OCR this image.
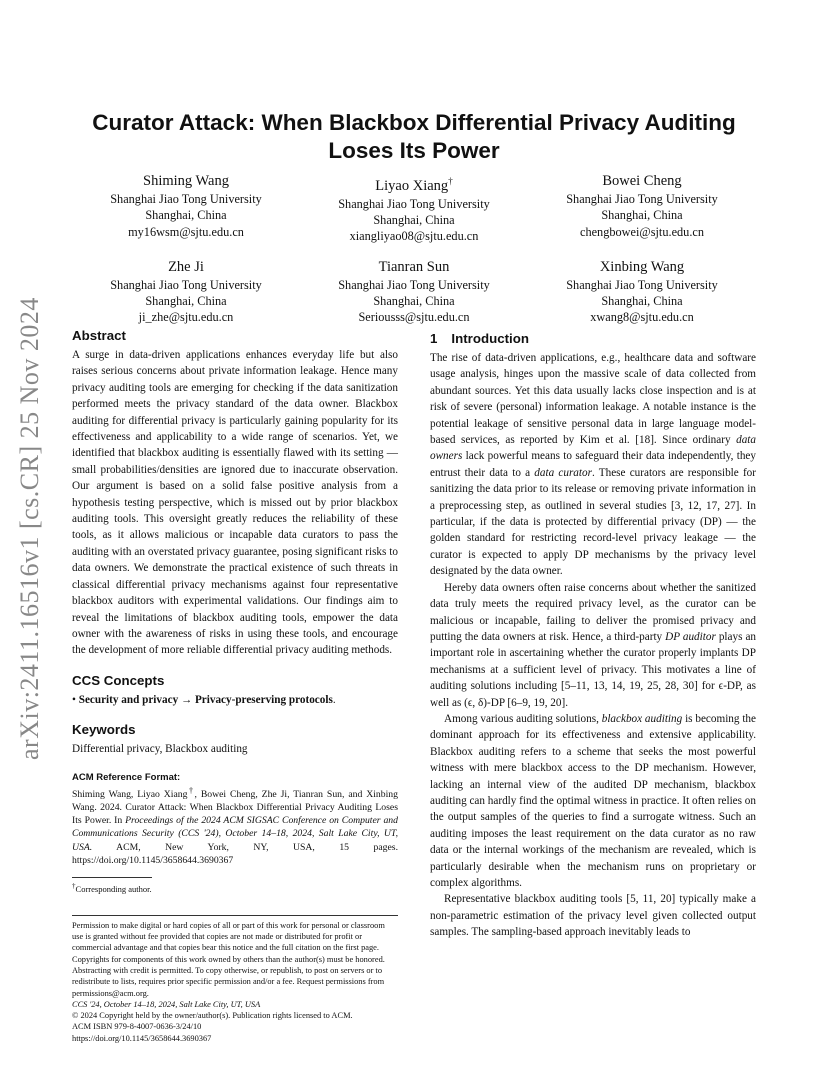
arXiv:2411.16516v1 [cs.CR] 25 Nov 2024
Curator Attack: When Blackbox Differential Privacy Auditing Loses Its Power
Shiming Wang
Shanghai Jiao Tong University
Shanghai, China
my16wsm@sjtu.edu.cn
Liyao Xiang†
Shanghai Jiao Tong University
Shanghai, China
xiangliyao08@sjtu.edu.cn
Bowei Cheng
Shanghai Jiao Tong University
Shanghai, China
chengbowei@sjtu.edu.cn
Zhe Ji
Shanghai Jiao Tong University
Shanghai, China
ji_zhe@sjtu.edu.cn
Tianran Sun
Shanghai Jiao Tong University
Shanghai, China
Seriousss@sjtu.edu.cn
Xinbing Wang
Shanghai Jiao Tong University
Shanghai, China
xwang8@sjtu.edu.cn
Abstract

A surge in data-driven applications enhances everyday life but also raises serious concerns about private information leakage. Hence many privacy auditing tools are emerging for checking if the data sanitization performed meets the privacy standard of the data owner. Blackbox auditing for differential privacy is particularly gaining popularity for its effectiveness and applicability to a wide range of scenarios. Yet, we identified that blackbox auditing is essentially flawed with its setting — small probabilities/densities are ignored due to inaccurate observation. Our argument is based on a solid false positive analysis from a hypothesis testing perspective, which is missed out by prior blackbox auditing tools. This oversight greatly reduces the reliability of these tools, as it allows malicious or incapable data curators to pass the auditing with an overstated privacy guarantee, posing significant risks to data owners. We demonstrate the practical existence of such threats in classical differential privacy mechanisms against four representative blackbox auditors with experimental validations. Our findings aim to reveal the limitations of blackbox auditing tools, empower the data owner with the awareness of risks in using these tools, and encourage the development of more reliable differential privacy auditing methods.

CCS Concepts

• Security and privacy → Privacy-preserving protocols.

Keywords

Differential privacy, Blackbox auditing

ACM Reference Format:

Shiming Wang, Liyao Xiang†, Bowei Cheng, Zhe Ji, Tianran Sun, and Xinbing Wang. 2024. Curator Attack: When Blackbox Differential Privacy Auditing Loses Its Power. In Proceedings of the 2024 ACM SIGSAC Conference on Computer and Communications Security (CCS '24), October 14–18, 2024, Salt Lake City, UT, USA. ACM, New York, NY, USA, 15 pages. https://doi.org/10.1145/3658644.3690367

†Corresponding author.

Permission to make digital or hard copies of all or part of this work for personal or classroom use is granted without fee provided that copies are not made or distributed for profit or commercial advantage and that copies bear this notice and the full citation on the first page. Copyrights for components of this work owned by others than the author(s) must be honored. Abstracting with credit is permitted. To copy otherwise, or republish, to post on servers or to redistribute to lists, requires prior specific permission and/or a fee. Request permissions from permissions@acm.org.

CCS '24, October 14–18, 2024, Salt Lake City, UT, USA

© 2024 Copyright held by the owner/author(s). Publication rights licensed to ACM.

ACM ISBN 979-8-4007-0636-3/24/10

https://doi.org/10.1145/3658644.3690367

1 Introduction

The rise of data-driven applications, e.g., healthcare data and software usage analysis, hinges upon the massive scale of data collected from abundant sources. Yet this data usually lacks close inspection and is at risk of severe (personal) information leakage. A notable instance is the potential leakage of sensitive personal data in large language model-based services, as reported by Kim et al. [18]. Since ordinary data owners lack powerful means to safeguard their data independently, they entrust their data to a data curator. These curators are responsible for sanitizing the data prior to its release or removing private information in a preprocessing step, as outlined in several studies [3, 12, 17, 27]. In particular, if the data is protected by differential privacy (DP) — the golden standard for restricting record-level privacy leakage — the curator is expected to apply DP mechanisms by the privacy level designated by the data owner.

Hereby data owners often raise concerns about whether the sanitized data truly meets the required privacy level, as the curator can be malicious or incapable, failing to deliver the promised privacy and putting the data owners at risk. Hence, a third-party DP auditor plays an important role in ascertaining whether the curator properly implants DP mechanisms at a sufficient level of privacy. This motivates a line of auditing solutions including [5–11, 13, 14, 19, 25, 28, 30] for ϵ-DP, as well as (ϵ, δ)-DP [6–9, 19, 20].

Among various auditing solutions, blackbox auditing is becoming the dominant approach for its effectiveness and extensive applicability. Blackbox auditing refers to a scheme that seeks the most powerful witness with mere blackbox access to the DP mechanism. However, lacking an internal view of the audited DP mechanism, blackbox auditing can hardly find the optimal witness in practice. It often relies on the output samples of the queries to find a surrogate witness. Such an auditing imposes the least requirement on the data curator as no raw data or the internal workings of the mechanism are revealed, which is particularly desirable when the mechanism runs on proprietary or complex algorithms.

Representative blackbox auditing tools [5, 11, 20] typically make a non-parametric estimation of the privacy level given collected output samples. The sampling-based approach inevitably leads to
